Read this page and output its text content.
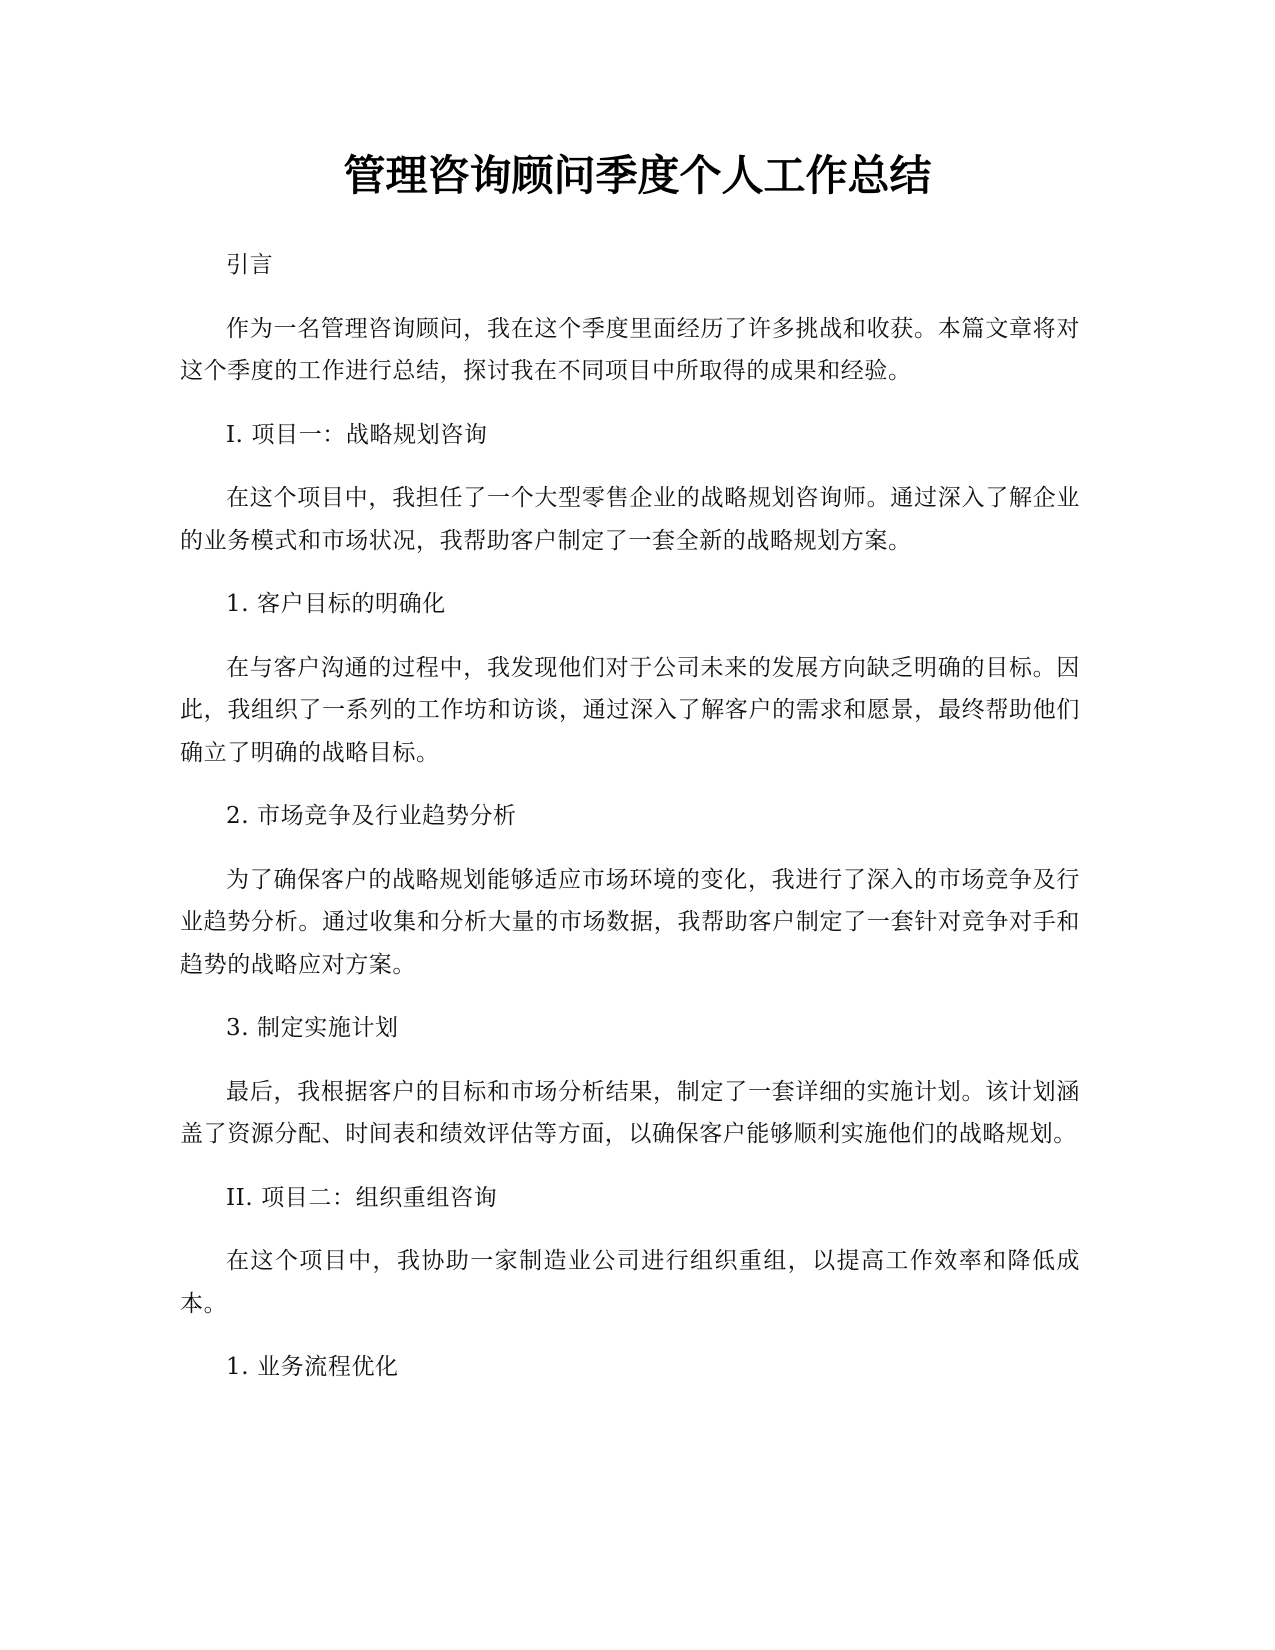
管理咨询顾问季度个人工作总结

引言

作为一名管理咨询顾问，我在这个季度里面经历了许多挑战和收获。本篇文章将对这个季度的工作进行总结，探讨我在不同项目中所取得的成果和经验。

I. 项目一：战略规划咨询

在这个项目中，我担任了一个大型零售企业的战略规划咨询师。通过深入了解企业的业务模式和市场状况，我帮助客户制定了一套全新的战略规划方案。

1. 客户目标的明确化

在与客户沟通的过程中，我发现他们对于公司未来的发展方向缺乏明确的目标。因此，我组织了一系列的工作坊和访谈，通过深入了解客户的需求和愿景，最终帮助他们确立了明确的战略目标。

2. 市场竞争及行业趋势分析

为了确保客户的战略规划能够适应市场环境的变化，我进行了深入的市场竞争及行业趋势分析。通过收集和分析大量的市场数据，我帮助客户制定了一套针对竞争对手和趋势的战略应对方案。

3. 制定实施计划

最后，我根据客户的目标和市场分析结果，制定了一套详细的实施计划。该计划涵盖了资源分配、时间表和绩效评估等方面，以确保客户能够顺利实施他们的战略规划。

II. 项目二：组织重组咨询

在这个项目中，我协助一家制造业公司进行组织重组，以提高工作效率和降低成本。

1. 业务流程优化
